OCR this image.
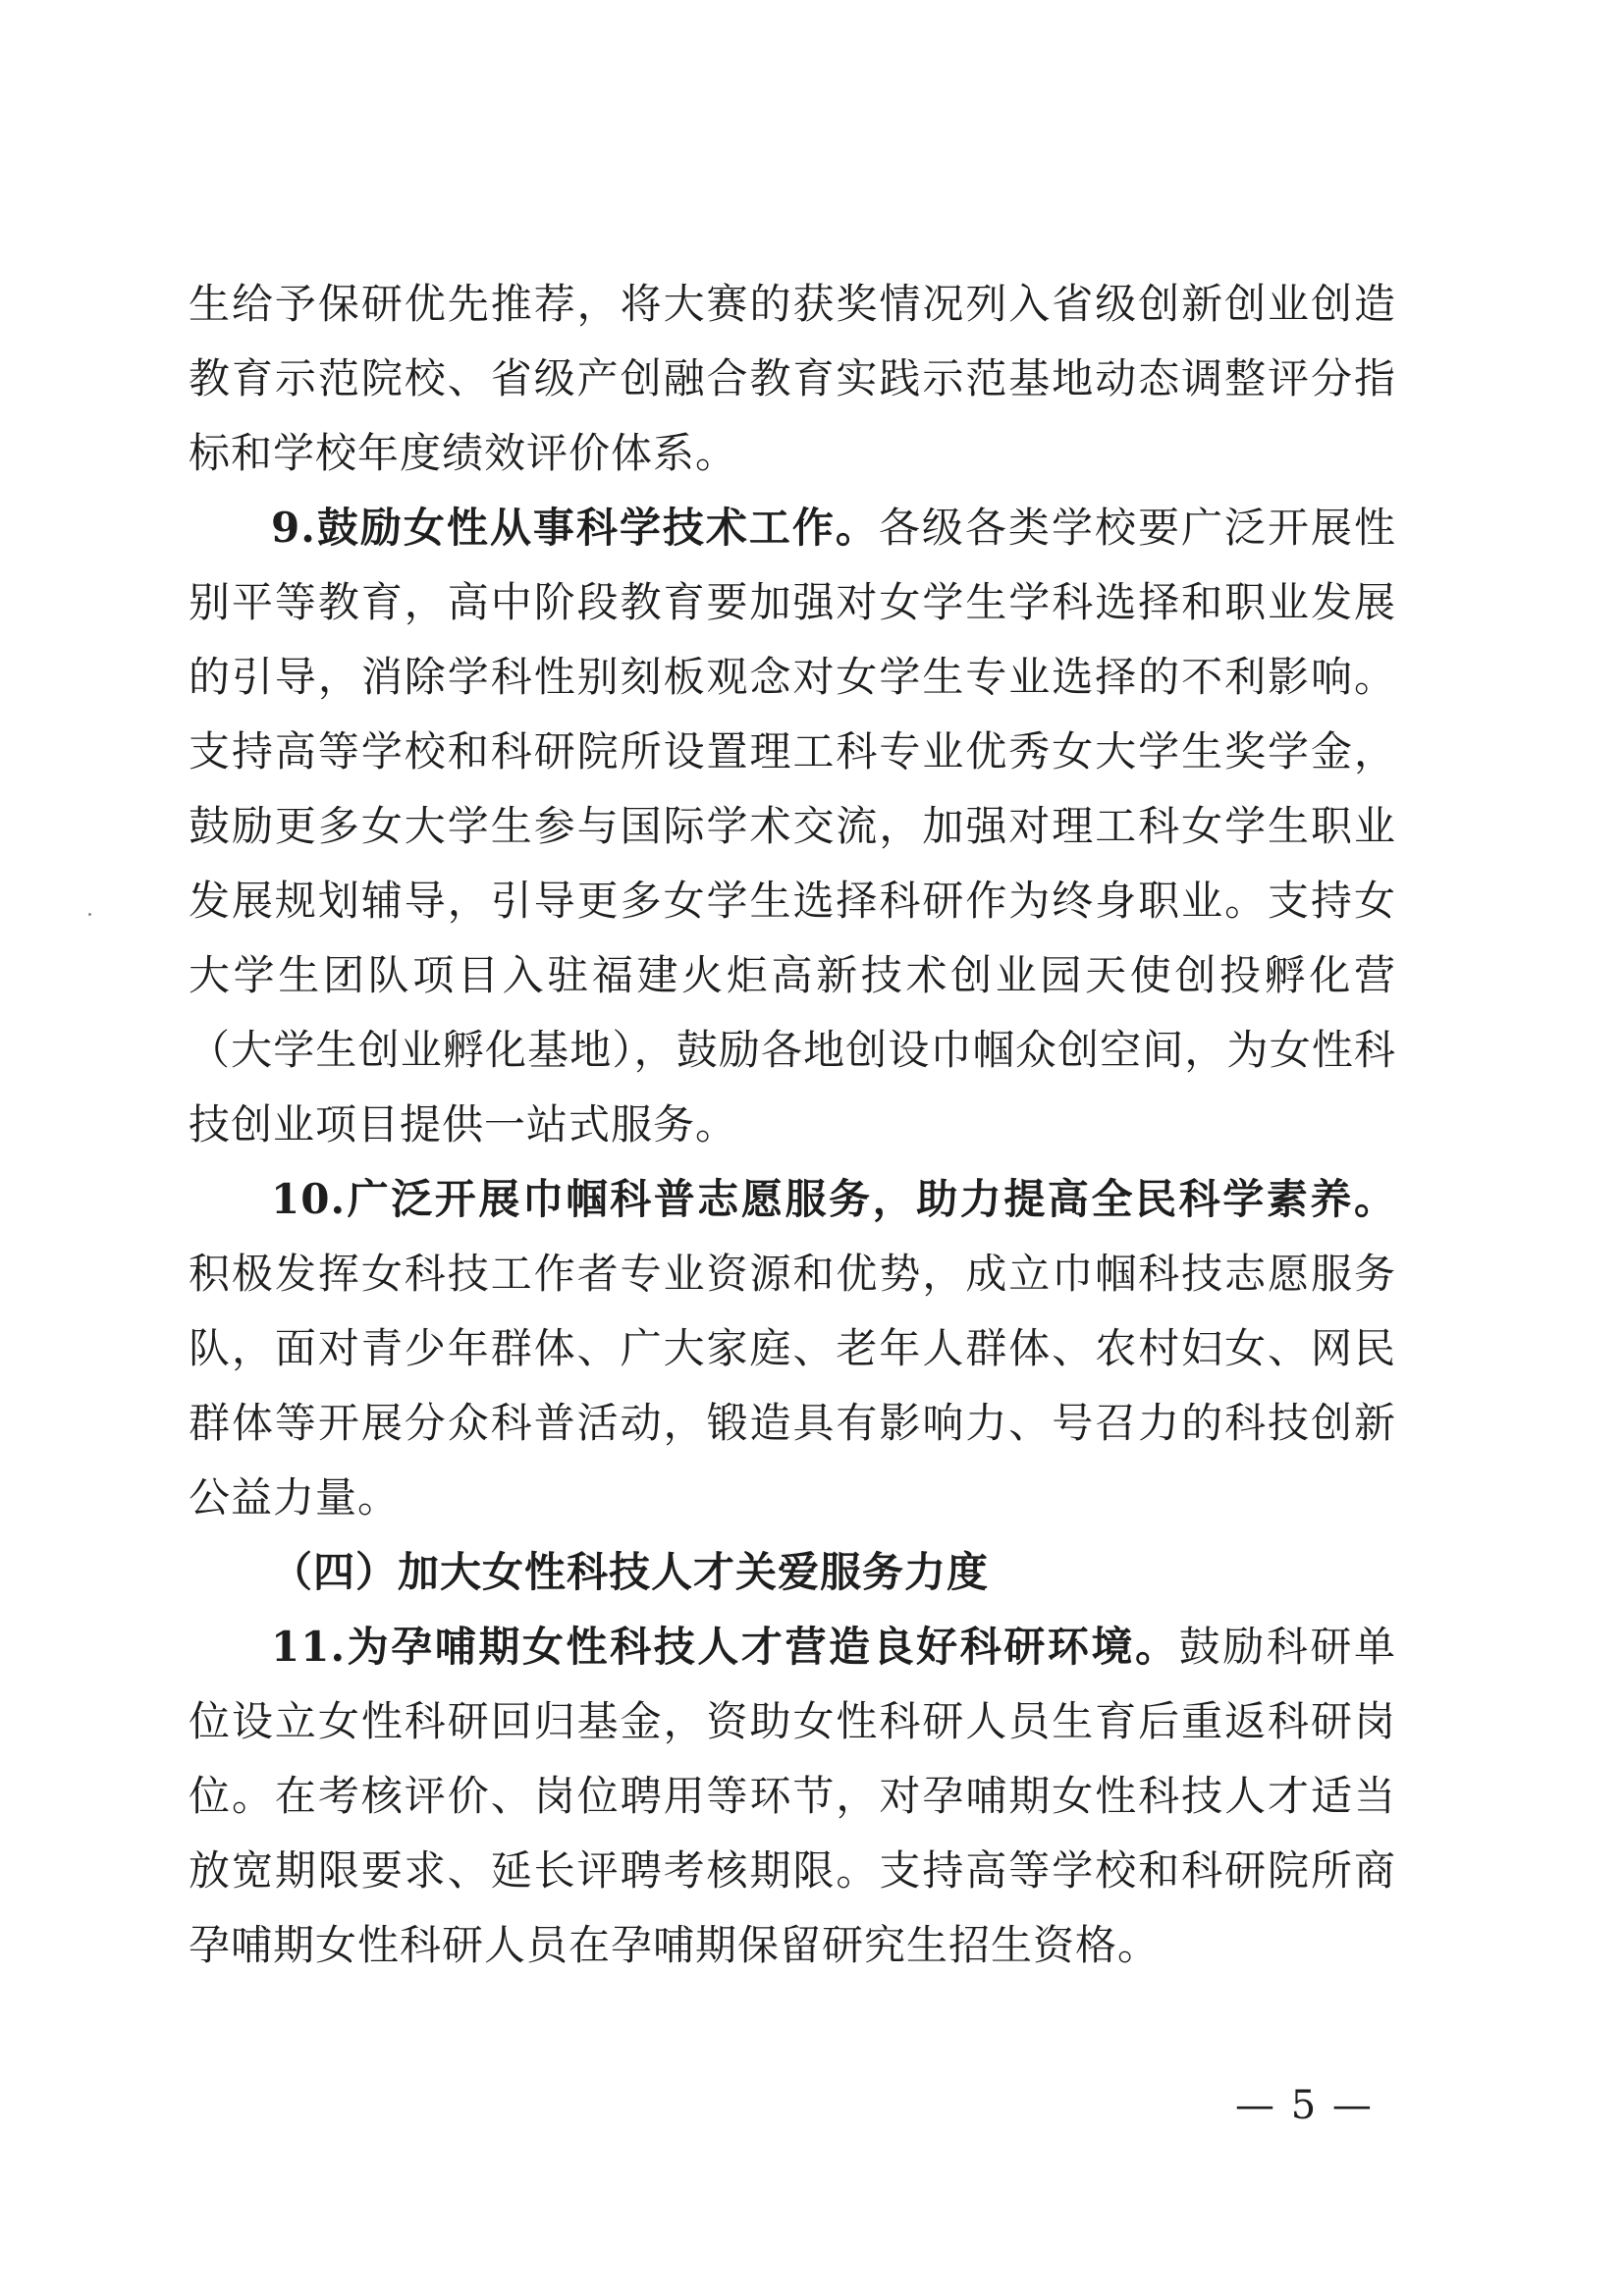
生给予保研优先推荐，将大赛的获奖情况列入省级创新创业创造教育示范院校、省级产创融合教育实践示范基地动态调整评分指标和学校年度绩效评价体系。

9.鼓励女性从事科学技术工作。各级各类学校要广泛开展性别平等教育，高中阶段教育要加强对女学生学科选择和职业发展的引导，消除学科性别刻板观念对女学生专业选择的不利影响。支持高等学校和科研院所设置理工科专业优秀女大学生奖学金，鼓励更多女大学生参与国际学术交流，加强对理工科女学生职业发展规划辅导，引导更多女学生选择科研作为终身职业。支持女大学生团队项目入驻福建火炬高新技术创业园天使创投孵化营（大学生创业孵化基地），鼓励各地创设巾帼众创空间，为女性科技创业项目提供一站式服务。

10.广泛开展巾帼科普志愿服务，助力提高全民科学素养。积极发挥女科技工作者专业资源和优势，成立巾帼科技志愿服务队，面对青少年群体、广大家庭、老年人群体、农村妇女、网民群体等开展分众科普活动，锻造具有影响力、号召力的科技创新公益力量。

（四）加大女性科技人才关爱服务力度

11.为孕哺期女性科技人才营造良好科研环境。鼓励科研单位设立女性科研回归基金，资助女性科研人员生育后重返科研岗位。在考核评价、岗位聘用等环节，对孕哺期女性科技人才适当放宽期限要求、延长评聘考核期限。支持高等学校和科研院所商孕哺期女性科研人员在孕哺期保留研究生招生资格。

— 5 —
